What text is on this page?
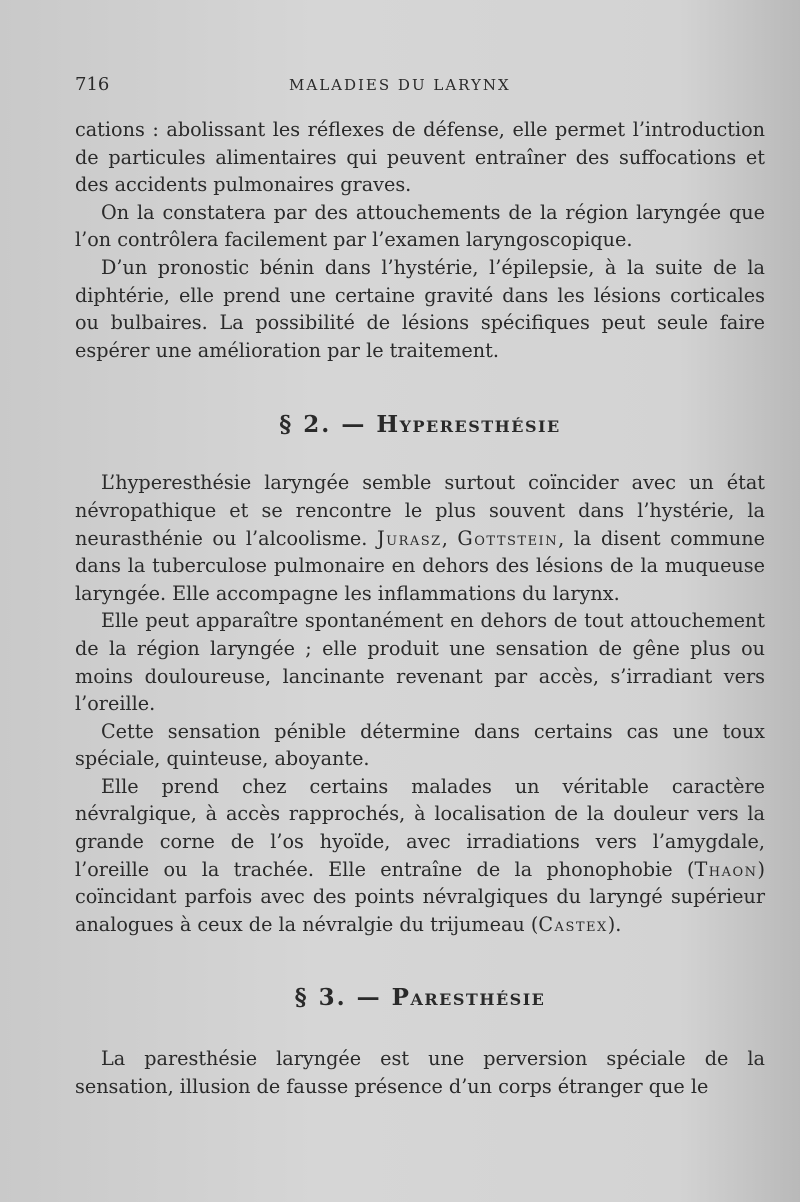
716	MALADIES DU LARYNX

cations : abolissant les réflexes de défense, elle permet l’introduction de particules alimentaires qui peuvent entraîner des suffocations et des accidents pulmonaires graves.

On la constatera par des attouchements de la région laryngée que l’on contrôlera facilement par l’examen laryngoscopique.

D’un pronostic bénin dans l’hystérie, l’épilepsie, à la suite de la diphtérie, elle prend une certaine gravité dans les lésions corticales ou bulbaires. La possibilité de lésions spécifiques peut seule faire espérer une amélioration par le traitement.

§ 2. — Hyperesthésie

L’hyperesthésie laryngée semble surtout coïncider avec un état névropathique et se rencontre le plus souvent dans l’hystérie, la neurasthénie ou l’alcoolisme. Jurasz, Gottstein, la disent commune dans la tuberculose pulmonaire en dehors des lésions de la muqueuse laryngée. Elle accompagne les inflammations du larynx.

Elle peut apparaître spontanément en dehors de tout attouchement de la région laryngée ; elle produit une sensation de gêne plus ou moins douloureuse, lancinante revenant par accès, s’irradiant vers l’oreille.

Cette sensation pénible détermine dans certains cas une toux spéciale, quinteuse, aboyante.

Elle prend chez certains malades un véritable caractère névralgique, à accès rapprochés, à localisation de la douleur vers la grande corne de l’os hyoïde, avec irradiations vers l’amygdale, l’oreille ou la trachée. Elle entraîne de la phonophobie (Thaon) coïncidant parfois avec des points névralgiques du laryngé supérieur analogues à ceux de la névralgie du trijumeau (Castex).

§ 3. — Paresthésie

La paresthésie laryngée est une perversion spéciale de la sensation, illusion de fausse présence d’un corps étranger que le
